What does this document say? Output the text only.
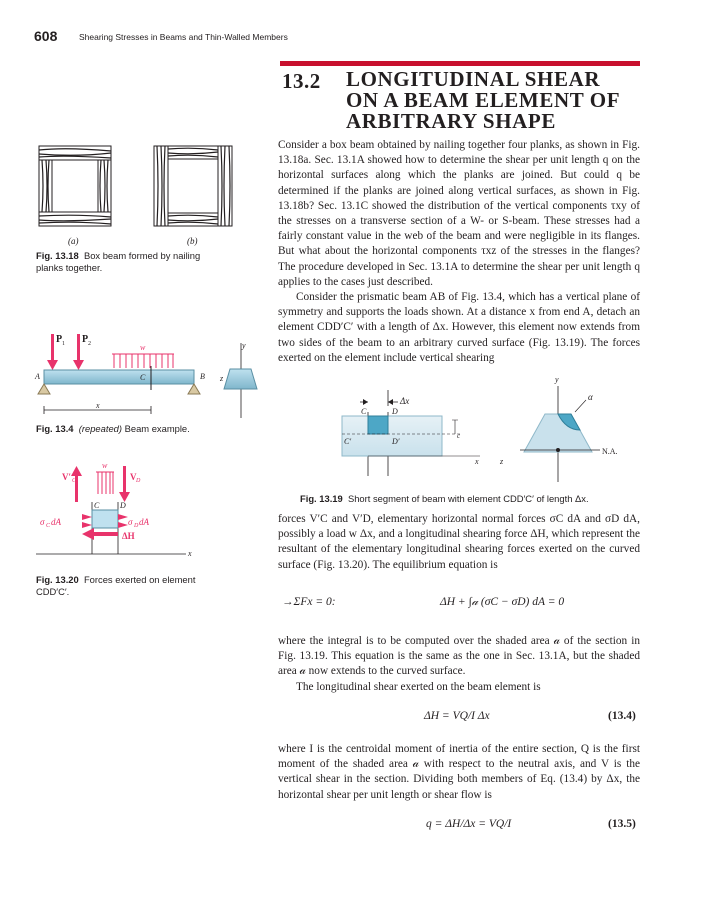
608	Shearing Stresses in Beams and Thin-Walled Members
13.2 LONGITUDINAL SHEAR
ON A BEAM ELEMENT OF
ARBITRARY SHAPE
(a)	(b)
Fig. 13.18 Box beam formed by nailing planks together.
P 1 P 2	w
A	C	B
x
y
z
Fig. 13.4 (repeated) Beam example.
w
V′ C	V D
C	D
σ C dA	σ D dA
ΔH
x
Fig. 13.20 Forces exerted on element CDD′C′.
Δx
C	D
C′	D′
c
x	z
y
α
N.A.
Fig. 13.19 Short segment of beam with element CDD′C′ of length Δx.

Consider a box beam obtained by nailing together four planks, as shown in Fig. 13.18a. Sec. 13.1A showed how to determine the shear per unit length q on the horizontal surfaces along which the planks are joined. But could q be determined if the planks are joined along vertical surfaces, as shown in Fig. 13.18b? Sec. 13.1C showed the distribution of the vertical components τxy of the stresses on a transverse section of a W- or S-beam. These stresses had a fairly constant value in the web of the beam and were negligible in its flanges. But what about the horizontal components τxz of the stresses in the flanges? The procedure developed in Sec. 13.1A to determine the shear per unit length q applies to the cases just described.

Consider the prismatic beam AB of Fig. 13.4, which has a vertical plane of symmetry and supports the loads shown. At a distance x from end A, detach an element CDD′C′ with a length of Δx. However, this element now extends from two sides of the beam to an arbitrary curved surface (Fig. 13.19). The forces exerted on the element include vertical shearing

forces V′C and V′D, elementary horizontal normal forces σC dA and σD dA, possibly a load w Δx, and a longitudinal shearing force ΔH, which represent the resultant of the elementary longitudinal shearing forces exerted on the curved surface (Fig. 13.20). The equilibrium equation is

→ΣFx = 0:	ΔH + ∫𝒶 (σC − σD) dA = 0

where the integral is to be computed over the shaded area 𝒶 of the section in Fig. 13.19. This equation is the same as the one in Sec. 13.1A, but the shaded area 𝒶 now extends to the curved surface.

The longitudinal shear exerted on the beam element is

ΔH = VQ/I Δx	(13.4)

where I is the centroidal moment of inertia of the entire section, Q is the first moment of the shaded area 𝒶 with respect to the neutral axis, and V is the vertical shear in the section. Dividing both members of Eq. (13.4) by Δx, the horizontal shear per unit length or shear flow is

q = ΔH/Δx = VQ/I	(13.5)
